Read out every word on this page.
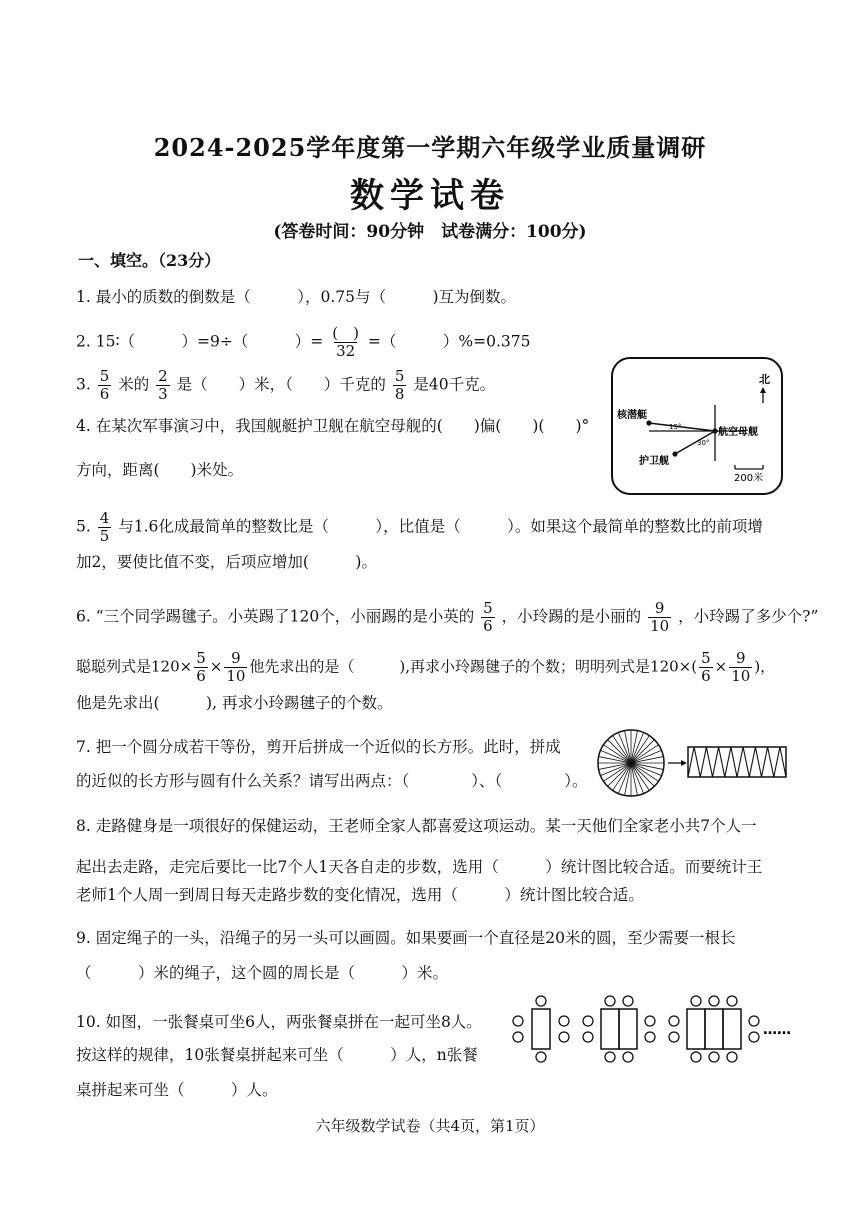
2024-2025学年度第一学期六年级学业质量调研
数学试卷
(答卷时间：90分钟　试卷满分：100分)
一、填空。（23分）
1. 最小的质数的倒数是（　　　），0.75与（　　　)互为倒数。
2. 15∶（　　　）=9÷（　　　）= $\frac{( )}{32}$ =（　　　）%=0.375
3. $\frac{5}{6}$ 米的 $\frac{2}{3}$ 是（　　）米，（　　）千克的 $\frac{5}{8}$ 是40千克。
4. 在某次军事演习中，我国舰艇护卫舰在航空母舰的(　　)偏(　　)(　　)°
方向，距离(　　)米处。
北
核潜艇
航空母舰
护卫舰
15°
30°
200米
5. $\frac{4}{5}$ 与1.6化成最简单的整数比是（　　　），比值是（　　　）。如果这个最简单的整数比的前项增
加2，要使比值不变，后项应增加(　　　)。
6. “三个同学踢毽子。小英踢了120个，小丽踢的是小英的 $\frac{5}{6}$ ，小玲踢的是小丽的 $\frac{9}{10}$ ，小玲踢了多少个?”
聪聪列式是$120\times \frac{5}{6} \times \frac{9}{10}$ 他先求出的是（　　　),再求小玲踢毽子的个数；明明列式是$120\times( \frac{5}{6} \times \frac{9}{10}$ )，
他是先求出(　　　), 再求小玲踢毽子的个数。
7. 把一个圆分成若干等份，剪开后拼成一个近似的长方形。此时，拼成
的近似的长方形与圆有什么关系？请写出两点：（　　　　）、（　　　　）。
8. 走路健身是一项很好的保健运动，王老师全家人都喜爱这项运动。某一天他们全家老小共7个人一
起出去走路，走完后要比一比7个人1天各自走的步数，选用（　　　）统计图比较合适。而要统计王
老师1个人周一到周日每天走路步数的变化情况，选用（　　　）统计图比较合适。
9. 固定绳子的一头，沿绳子的另一头可以画圆。如果要画一个直径是20米的圆，至少需要一根长
（　　　）米的绳子，这个圆的周长是（　　　）米。
10. 如图，一张餐桌可坐6人，两张餐桌拼在一起可坐8人。
按这样的规律，10张餐桌拼起来可坐（　　　）人，n张餐
桌拼起来可坐（　　　）人。
……
六年级数学试卷（共4页，第1页）
